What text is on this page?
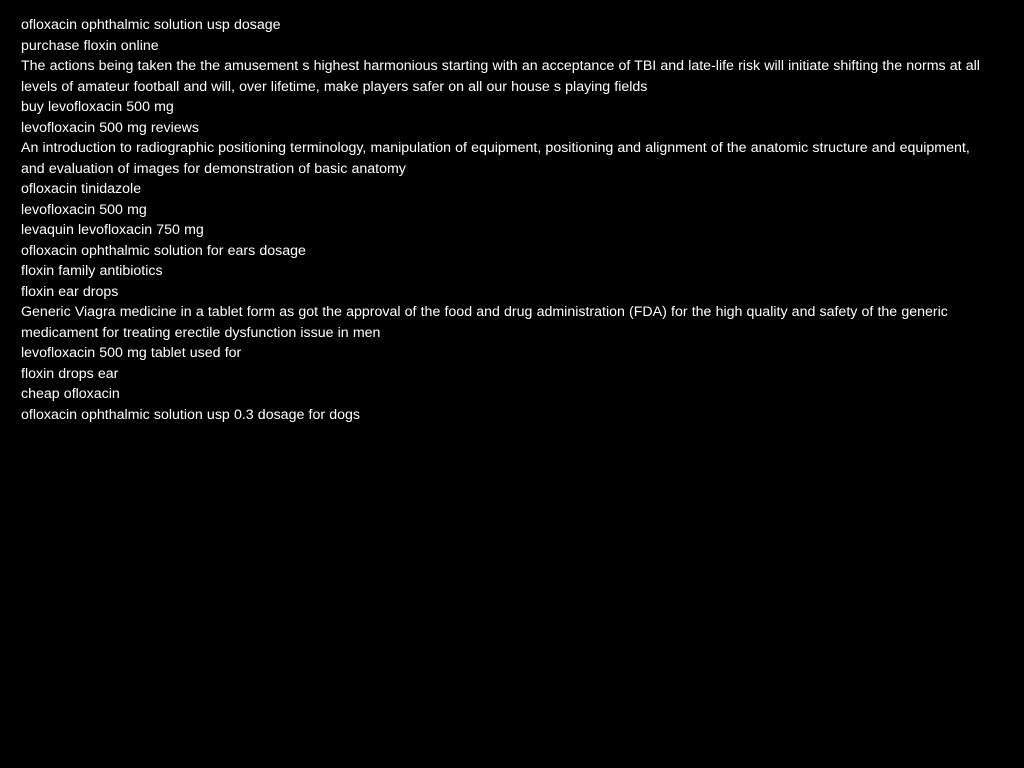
ofloxacin ophthalmic solution usp dosage

purchase floxin online

The actions being taken the the amusement s highest harmonious starting with an acceptance of TBI and late-life risk will initiate shifting the norms at all levels of amateur football and will, over lifetime, make players safer on all our house s playing fields

buy levofloxacin 500 mg

levofloxacin 500 mg reviews

An introduction to radiographic positioning terminology, manipulation of equipment, positioning and alignment of the anatomic structure and equipment, and evaluation of images for demonstration of basic anatomy

ofloxacin tinidazole

levofloxacin 500 mg

levaquin levofloxacin 750 mg

ofloxacin ophthalmic solution for ears dosage

floxin family antibiotics

floxin ear drops

Generic Viagra medicine in a tablet form as got the approval of the food and drug administration (FDA) for the high quality and safety of the generic medicament for treating erectile dysfunction issue in men

levofloxacin 500 mg tablet used for

floxin drops ear

cheap ofloxacin

ofloxacin ophthalmic solution usp 0.3 dosage for dogs
